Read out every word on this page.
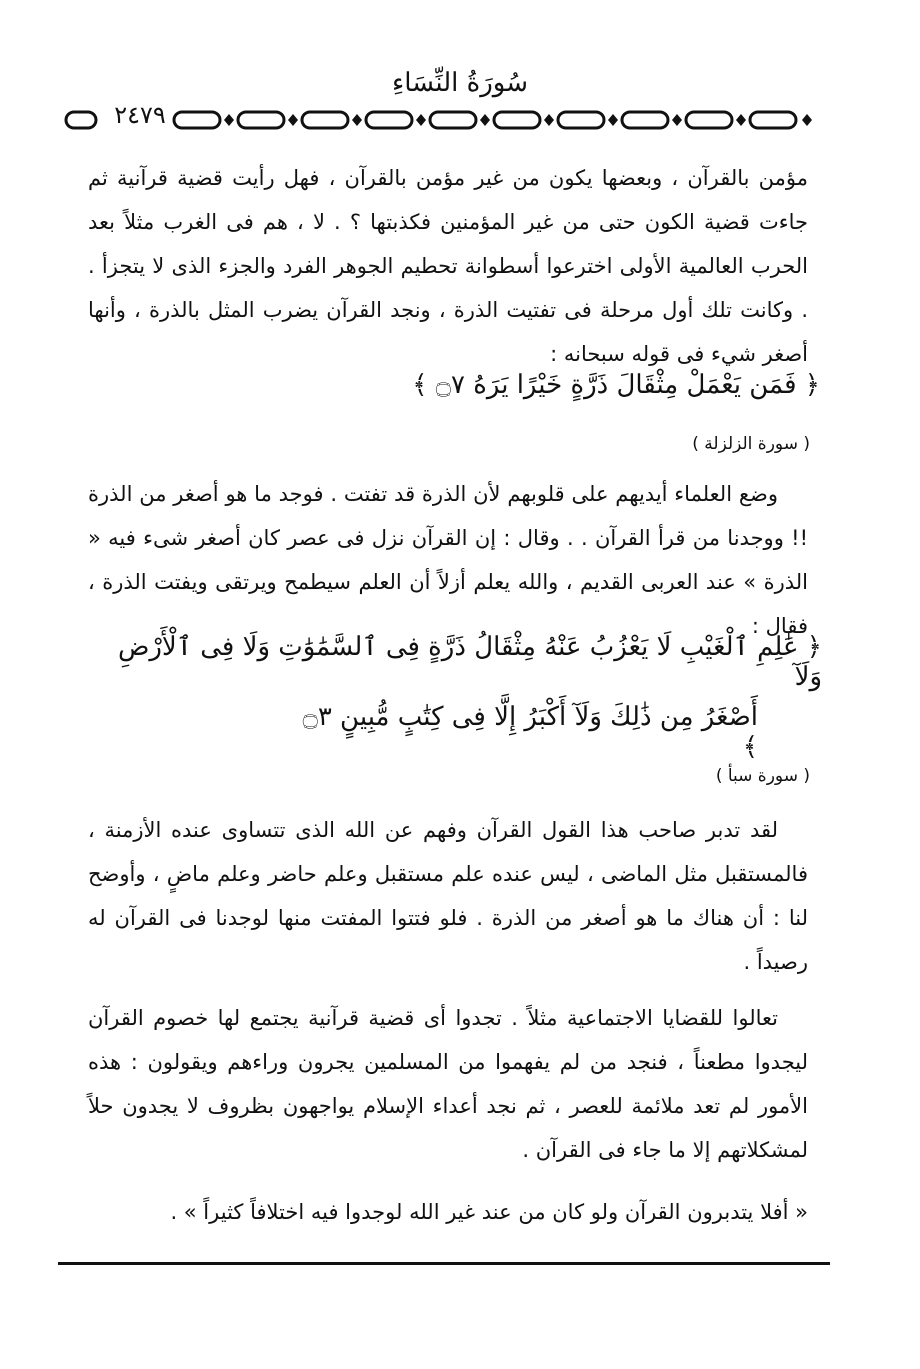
سُورَةُ النِّسَاءِ
٢٤٧٩
مؤمن بالقرآن ، وبعضها يكون من غير مؤمن بالقرآن ، فهل رأيت قضية قرآنية ثم جاءت قضية الكون حتى من غير المؤمنين فكذبتها ؟ . لا ، هم فى الغرب مثلاً بعد الحرب العالمية الأولى اخترعوا أسطوانة تحطيم الجوهر الفرد والجزء الذى لا يتجزأ . . وكانت تلك أول مرحلة فى تفتيت الذرة ، ونجد القرآن يضرب المثل بالذرة ، وأنها أصغر شيء فى قوله سبحانه :
﴿ فَمَن يَعْمَلْ مِثْقَالَ ذَرَّةٍ خَيْرًا يَرَهُ ۝٧ ﴾
( سورة الزلزلة )
وضع العلماء أيديهم على قلوبهم لأن الذرة قد تفتت . فوجد ما هو أصغر من الذرة !! ووجدنا من قرأ القرآن . . وقال : إن القرآن نزل فى عصر كان أصغر شىء فيه « الذرة » عند العربى القديم ، والله يعلم أزلاً أن العلم سيطمح ويرتقى ويفتت الذرة ، فقال :
﴿ عَٰلِمِ ٱلْغَيْبِ لَا يَعْزُبُ عَنْهُ مِثْقَالُ ذَرَّةٍ فِى ٱلسَّمَٰوَٰتِ وَلَا فِى ٱلْأَرْضِ وَلَآ
أَصْغَرُ مِن ذَٰلِكَ وَلَآ أَكْبَرُ إِلَّا فِى كِتَٰبٍ مُّبِينٍ ۝٣ ﴾
( سورة سبأ )
لقد تدبر صاحب هذا القول القرآن وفهم عن الله الذى تتساوى عنده الأزمنة ، فالمستقبل مثل الماضى ، ليس عنده علم مستقبل وعلم حاضر وعلم ماضٍ ، وأوضح لنا : أن هناك ما هو أصغر من الذرة . فلو فتتوا المفتت منها لوجدنا فى القرآن له رصيداً .
تعالوا للقضايا الاجتماعية مثلاً . تجدوا أى قضية قرآنية يجتمع لها خصوم القرآن ليجدوا مطعناً ، فنجد من لم يفهموا من المسلمين يجرون وراءهم ويقولون : هذه الأمور لم تعد ملائمة للعصر ، ثم نجد أعداء الإسلام يواجهون بظروف لا يجدون حلاً لمشكلاتهم إلا ما جاء فى القرآن .
« أفلا يتدبرون القرآن ولو كان من عند غير الله لوجدوا فيه اختلافاً كثيراً » .
